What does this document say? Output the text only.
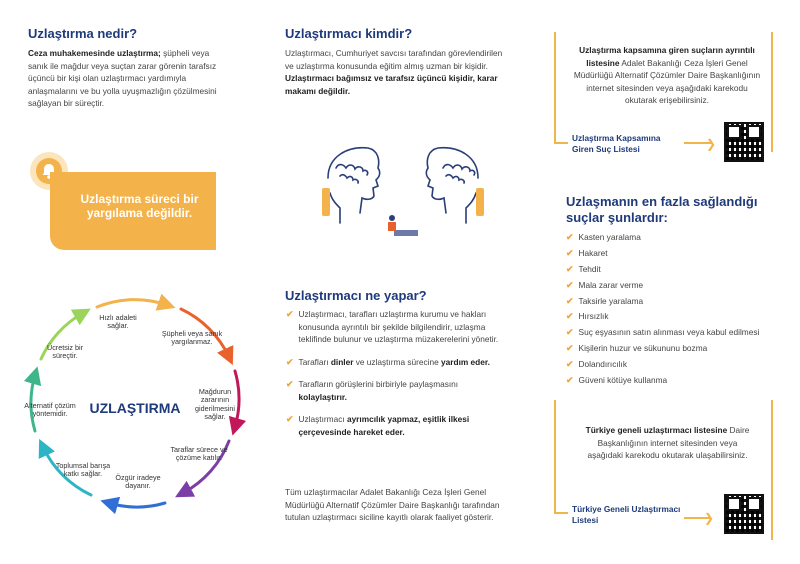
Uzlaştırma nedir?
Ceza muhakemesinde uzlaştırma; şüpheli veya sanık ile mağdur veya suçtan zarar görenin tarafsız üçüncü bir kişi olan uzlaştırmacı yardımıyla anlaşmalarını ve bu yolla uyuşmazlığın çözülmesini sağlayan bir süreçtir.
Uzlaştırma süreci bir yargılama değildir.
UZLAŞTIRMA
Hızlı adaleti sağlar.
Şüpheli veya sanık yargılanmaz.
Mağdurun zararının giderilmesini sağlar.
Taraflar sürece ve çözüme katılır.
Özgür iradeye dayanır.
Toplumsal barışa katkı sağlar.
Alternatif çözüm yöntemidir.
Ücretsiz bir süreçtir.
Uzlaştırmacı kimdir?
Uzlaştırmacı, Cumhuriyet savcısı tarafından görevlendirilen ve uzlaştırma konusunda eğitim almış uzman bir kişidir. Uzlaştırmacı bağımsız ve tarafsız üçüncü kişidir, karar makamı değildir.
Uzlaştırmacı ne yapar?
✔ Uzlaştırmacı, tarafları uzlaştırma kurumu ve hakları konusunda ayrıntılı bir şekilde bilgilendirir, uzlaşma teklifinde bulunur ve uzlaştırma müzakerelerini yönetir.
✔ Tarafları dinler ve uzlaştırma sürecine yardım eder.
✔ Tarafların görüşlerini birbiriyle paylaşmasını kolaylaştırır.
✔ Uzlaştırmacı ayrımcılık yapmaz, eşitlik ilkesi çerçevesinde hareket eder.
Tüm uzlaştırmacılar Adalet Bakanlığı Ceza İşleri Genel Müdürlüğü Alternatif Çözümler Daire Başkanlığı tarafından tutulan uzlaştırmacı siciline kayıtlı olarak faaliyet gösterir.
Uzlaştırma kapsamına giren suçların ayrıntılı listesine Adalet Bakanlığı Ceza İşleri Genel Müdürlüğü Alternatif Çözümler Daire Başkanlığının internet sitesinden veya aşağıdaki karekodu okutarak erişebilirsiniz.
Uzlaştırma Kapsamına Giren Suç Listesi	❯
Uzlaşmanın en fazla sağlandığı suçlar şunlardır:
✔ Kasten yaralama
✔ Hakaret
✔ Tehdit
✔ Mala zarar verme
✔ Taksirle yaralama
✔ Hırsızlık
✔ Suç eşyasının satın alınması veya kabul edilmesi
✔ Kişilerin huzur ve sükununu bozma
✔ Dolandırıcılık
✔ Güveni kötüye kullanma
Türkiye geneli uzlaştırmacı listesine Daire Başkanlığının internet sitesinden veya aşağıdaki karekodu okutarak ulaşabilirsiniz.
Türkiye Geneli Uzlaştırmacı Listesi	❯
